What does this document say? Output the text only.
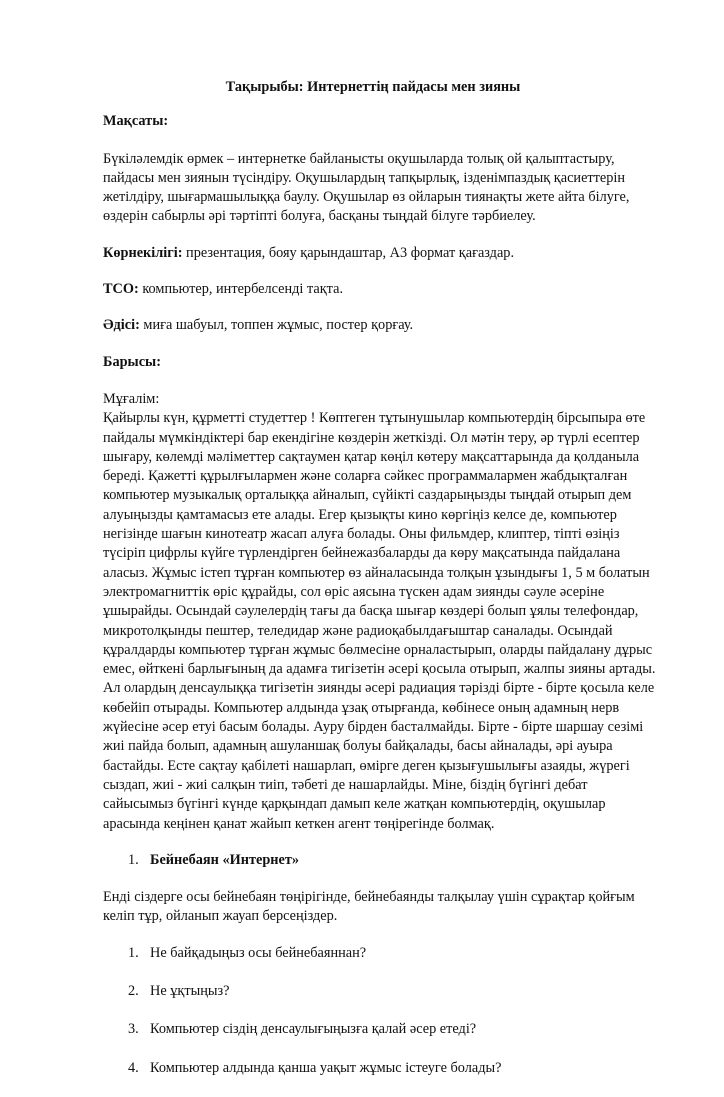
Тақырыбы: Интернеттің пайдасы мен зияны
Мақсаты:
Бүкіләлемдік өрмек – интернетке байланысты оқушыларда толық ой қалыптастыру,
пайдасы мен зиянын түсіндіру. Оқушылардың тапқырлық, ізденімпаздық қасиеттерін
жетілдіру, шығармашылыққа баулу. Оқушылар өз ойларын тиянақты жете айта білуге,
өздерін сабырлы әрі тәртіпті болуға, басқаны тыңдай білуге тәрбиелеу.
Көрнекілігі: презентация, бояу қарындаштар, А3 формат қағаздар.
ТСО: компьютер, интербелсенді тақта.
Әдісі: миға шабуыл, топпен жұмыс, постер қорғау.
Барысы:
Мұғалім:
Қайырлы күн, құрметті студеттер ! Көптеген тұтынушылар компьютердің бірсыпыра өте
пайдалы мүмкіндіктері бар екендігіне көздерін жеткізді. Ол мәтін теру, әр түрлі есептер
шығару, көлемді мәліметтер сақтаумен қатар көңіл көтеру мақсаттарында да қолданыла
береді. Қажетті құрылғылармен және соларға сәйкес программалармен жабдықталған
компьютер музыкалық орталыққа айналып, сүйікті саздарыңызды тыңдай отырып дем
алуыңызды қамтамасыз ете алады. Егер қызықты кино көргіңіз келсе де, компьютер
негізінде шағын кинотеатр жасап алуға болады. Оны фильмдер, клиптер, тіпті өзіңіз
түсіріп цифрлы күйге түрлендірген бейнежазбаларды да көру мақсатында пайдалана
аласыз. Жұмыс істеп тұрған компьютер өз айналасында толқын ұзындығы 1, 5 м болатын
электромагниттік өріс құрайды, сол өріс аясына түскен адам зиянды сәуле әсеріне
ұшырайды. Осындай сәулелердің тағы да басқа шығар көздері болып ұялы телефондар,
микротолқынды пештер, теледидар және радиоқабылдағыштар саналады. Осындай
құралдарды компьютер тұрған жұмыс бөлмесіне орналастырып, оларды пайдалану дұрыс
емес, өйткені барлығының да адамға тигізетін әсері қосыла отырып, жалпы зияны артады.
Ал олардың денсаулыққа тигізетін зиянды әсері радиация тәрізді бірте - бірте қосыла келе
көбейіп отырады. Компьютер алдында ұзақ отырғанда, көбінесе оның адамның нерв
жүйесіне әсер етуі басым болады. Ауру бірден басталмайды. Бірте - бірте шаршау сезімі
жиі пайда болып, адамның ашуланшақ болуы байқалады, басы айналады, әрі ауыра
бастайды. Есте сақтау қабілеті нашарлап, өмірге деген қызығушылығы азаяды, жүрегі
сыздап, жиі - жиі салқын тиіп, тәбеті де нашарлайды. Міне, біздің бүгінгі дебат
сайысымыз бүгінгі күнде қарқындап дамып келе жатқан компьютердің, оқушылар
арасында кеңінен қанат жайып кеткен агент төңірегінде болмақ.
1. Бейнебаян «Интернет»
Енді сіздерге осы бейнебаян төңірігінде, бейнебаянды талқылау үшін сұрақтар қойғым
келіп тұр, ойланып жауап берсеңіздер.
1. Не байқадыңыз осы бейнебаяннан?
2. Не ұқтыңыз?
3. Компьютер сіздің денсаулығыңызға қалай әсер етеді?
4. Компьютер алдында қанша уақыт жұмыс істеуге болады?
